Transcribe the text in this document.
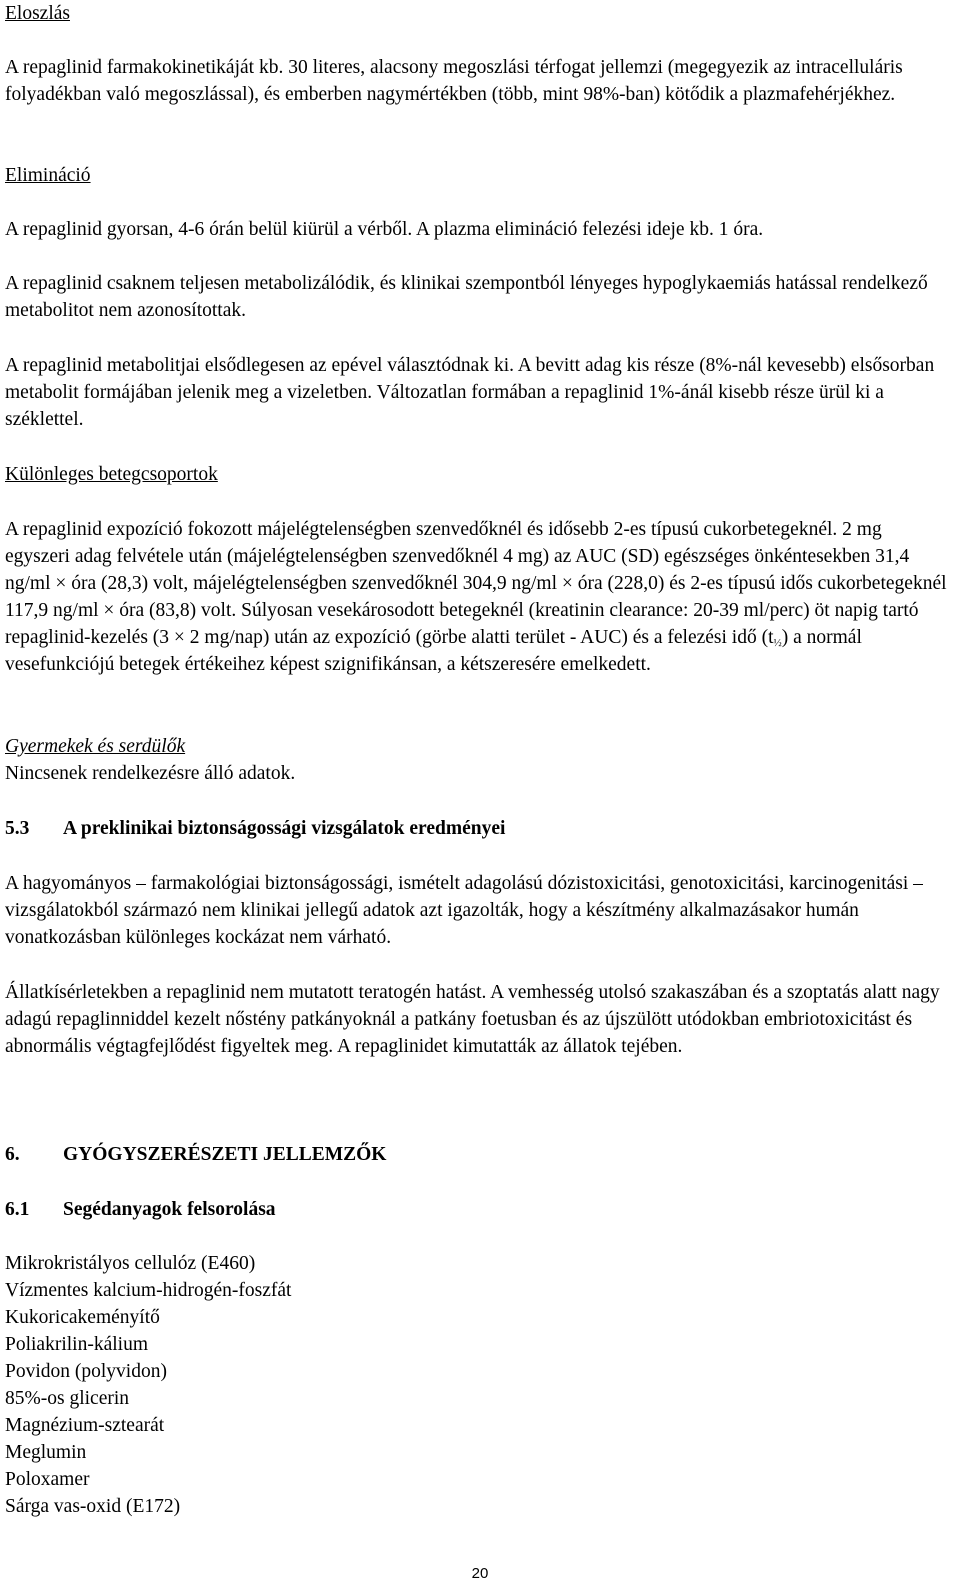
Eloszlás

A repaglinid farmakokinetikáját kb. 30 literes, alacsony megoszlási térfogat jellemzi (megegyezik az intracelluláris folyadékban való megoszlással), és emberben nagymértékben (több, mint 98%-ban) kötődik a plazmafehérjékhez.

Elimináció

A repaglinid gyorsan, 4-6 órán belül kiürül a vérből. A plazma elimináció felezési ideje kb. 1 óra.

A repaglinid csaknem teljesen metabolizálódik, és klinikai szempontból lényeges hypoglykaemiás hatással rendelkező metabolitot nem azonosítottak.

A repaglinid metabolitjai elsődlegesen az epével választódnak ki. A bevitt adag kis része (8%-nál kevesebb) elsősorban metabolit formájában jelenik meg a vizeletben. Változatlan formában a repaglinid 1%-ánál kisebb része ürül ki a széklettel.

Különleges betegcsoportok

A repaglinid expozíció fokozott májelégtelenségben szenvedőknél és idősebb 2-es típusú cukorbetegeknél. 2 mg egyszeri adag felvétele után (májelégtelenségben szenvedőknél 4 mg) az AUC (SD) egészséges önkéntesekben 31,4 ng/ml × óra (28,3) volt, májelégtelenségben szenvedőknél 304,9 ng/ml × óra (228,0) és 2-es típusú idős cukorbetegeknél 117,9 ng/ml × óra (83,8) volt. Súlyosan vesekárosodott betegeknél (kreatinin clearance: 20-39 ml/perc) öt napig tartó repaglinid-kezelés (3 × 2 mg/nap) után az expozíció (görbe alatti terület - AUC) és a felezési idő $(t_{\frac{1}{2}})$ a normál vesefunkciójú betegek értékeihez képest szignifikánsan, a kétszeresére emelkedett.

Gyermekek és serdülők

Nincsenek rendelkezésre álló adatok.

5.3 A preklinikai biztonságossági vizsgálatok eredményei

A hagyományos – farmakológiai biztonságossági, ismételt adagolású dózistoxicitási, genotoxicitási, karcinogenitási – vizsgálatokból származó nem klinikai jellegű adatok azt igazolták, hogy a készítmény alkalmazásakor humán vonatkozásban különleges kockázat nem várható.

Állatkísérletekben a repaglinid nem mutatott teratogén hatást. A vemhesség utolsó szakaszában és a szoptatás alatt nagy adagú repaglinniddel kezelt nőstény patkányoknál a patkány foetusban és az újszülött utódokban embriotoxicitást és abnormális végtagfejlődést figyeltek meg. A repaglinidet kimutatták az állatok tejében.

6. GYÓGYSZERÉSZETI JELLEMZŐK

6.1 Segédanyagok felsorolása

Mikrokristályos cellulóz (E460)
Vízmentes kalcium-hidrogén-foszfát
Kukoricakeményítő
Poliakrilin-kálium
Povidon (polyvidon)
85%-os glicerin
Magnézium-sztearát
Meglumin
Poloxamer
Sárga vas-oxid (E172)
20
